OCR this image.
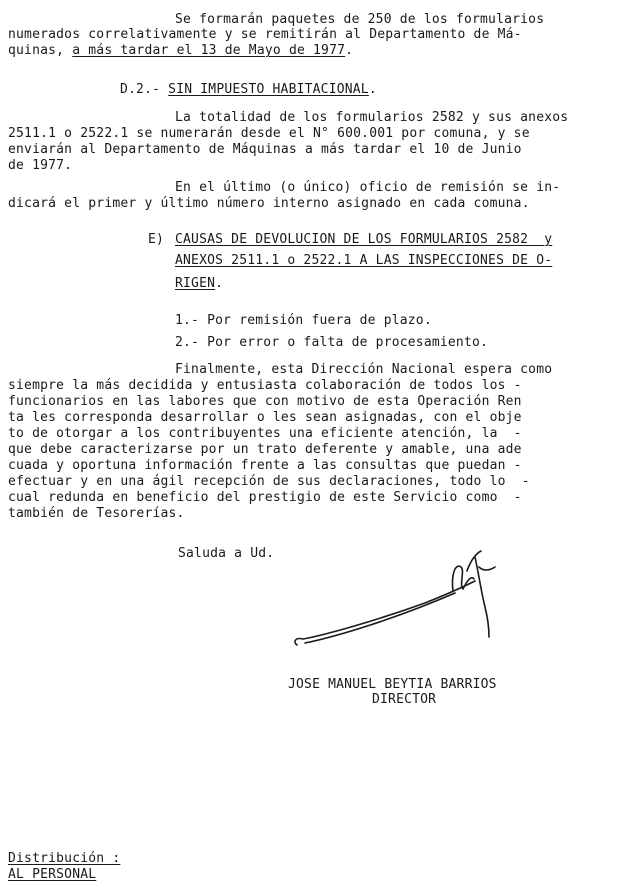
Se formarán paquetes de 250 de los formularios
numerados correlativamente y se remitirán al Departamento de Má-
quinas, a más tardar el 13 de Mayo de 1977.
D.2.- SIN IMPUESTO HABITACIONAL.
La totalidad de los formularios 2582 y sus anexos
2511.1 o 2522.1 se numerarán desde el N° 600.001 por comuna, y se
enviarán al Departamento de Máquinas a más tardar el 10 de Junio
de 1977.
En el último (o único) oficio de remisión se in-
dicará el primer y último número interno asignado en cada comuna.
E) CAUSAS DE DEVOLUCION DE LOS FORMULARIOS 2582  y
ANEXOS 2511.1 o 2522.1 A LAS INSPECCIONES DE O-
RIGEN.
1.- Por remisión fuera de plazo.
2.- Por error o falta de procesamiento.
Finalmente, esta Dirección Nacional espera como
siempre la más decidida y entusiasta colaboración de todos los -
funcionarios en las labores que con motivo de esta Operación Ren
ta les corresponda desarrollar o les sean asignadas, con el obje
to de otorgar a los contribuyentes una eficiente atención, la  -
que debe caracterizarse por un trato deferente y amable, una ade
cuada y oportuna información frente a las consultas que puedan -
efectuar y en una ágil recepción de sus declaraciones, todo lo  -
cual redunda en beneficio del prestigio de este Servicio como  -
también de Tesorerías.
Saluda a Ud.
JOSE MANUEL BEYTIA BARRIOS
DIRECTOR
Distribución :
AL PERSONAL
